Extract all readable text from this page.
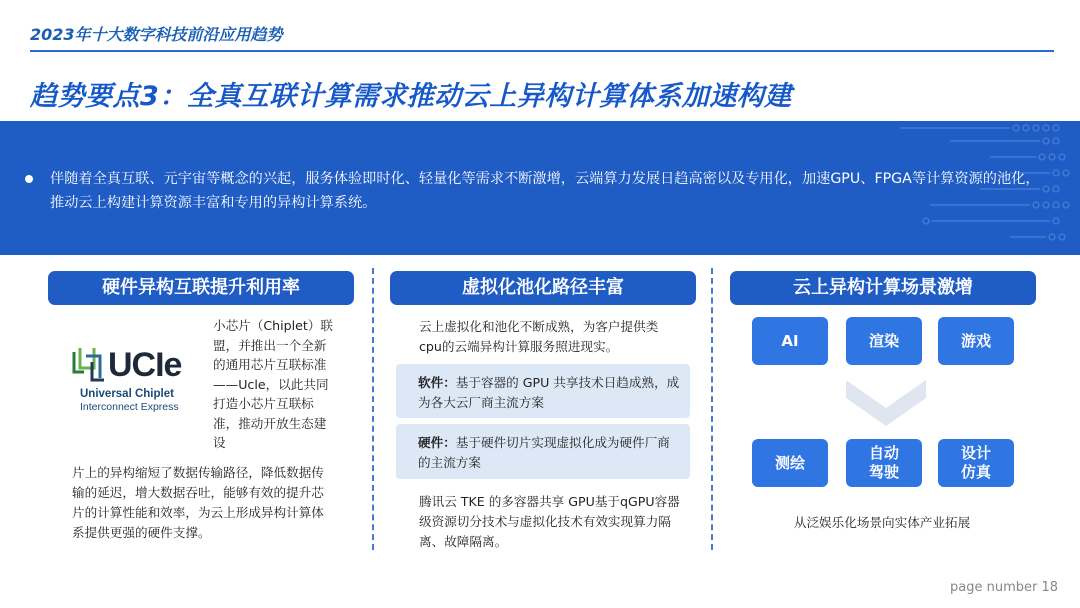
2023年十大数字科技前沿应用趋势
趋势要点3：全真互联计算需求推动云上异构计算体系加速构建
伴随着全真互联、元宇宙等概念的兴起，服务体验即时化、轻量化等需求不断激增，云端算力发展日趋高密以及专用化，加速GPU、FPGA等计算资源的池化，推动云上构建计算资源丰富和专用的异构计算系统。
硬件异构互联提升利用率	虚拟化池化路径丰富	云上异构计算场景激增
UCIe
Universal Chiplet
Interconnect Express
小芯片（Chiplet）联盟，并推出一个全新的通用芯片互联标准——Ucle，以此共同打造小芯片互联标准，推动开放生态建设
片上的异构缩短了数据传输路径，降低数据传输的延迟，增大数据吞吐，能够有效的提升芯片的计算性能和效率，为云上形成异构计算体系提供更强的硬件支撑。
云上虚拟化和池化不断成熟，为客户提供类cpu的云端异构计算服务照进现实。
软件：基于容器的 GPU 共享技术日趋成熟，成为各大云厂商主流方案
硬件：基于硬件切片实现虚拟化成为硬件厂商的主流方案
腾讯云 TKE 的多容器共享 GPU基于qGPU容器级资源切分技术与虚拟化技术有效实现算力隔离、故障隔离。
AI	渲染	游戏
测绘
自动驾驶
设计仿真
从泛娱乐化场景向实体产业拓展
page number 18
